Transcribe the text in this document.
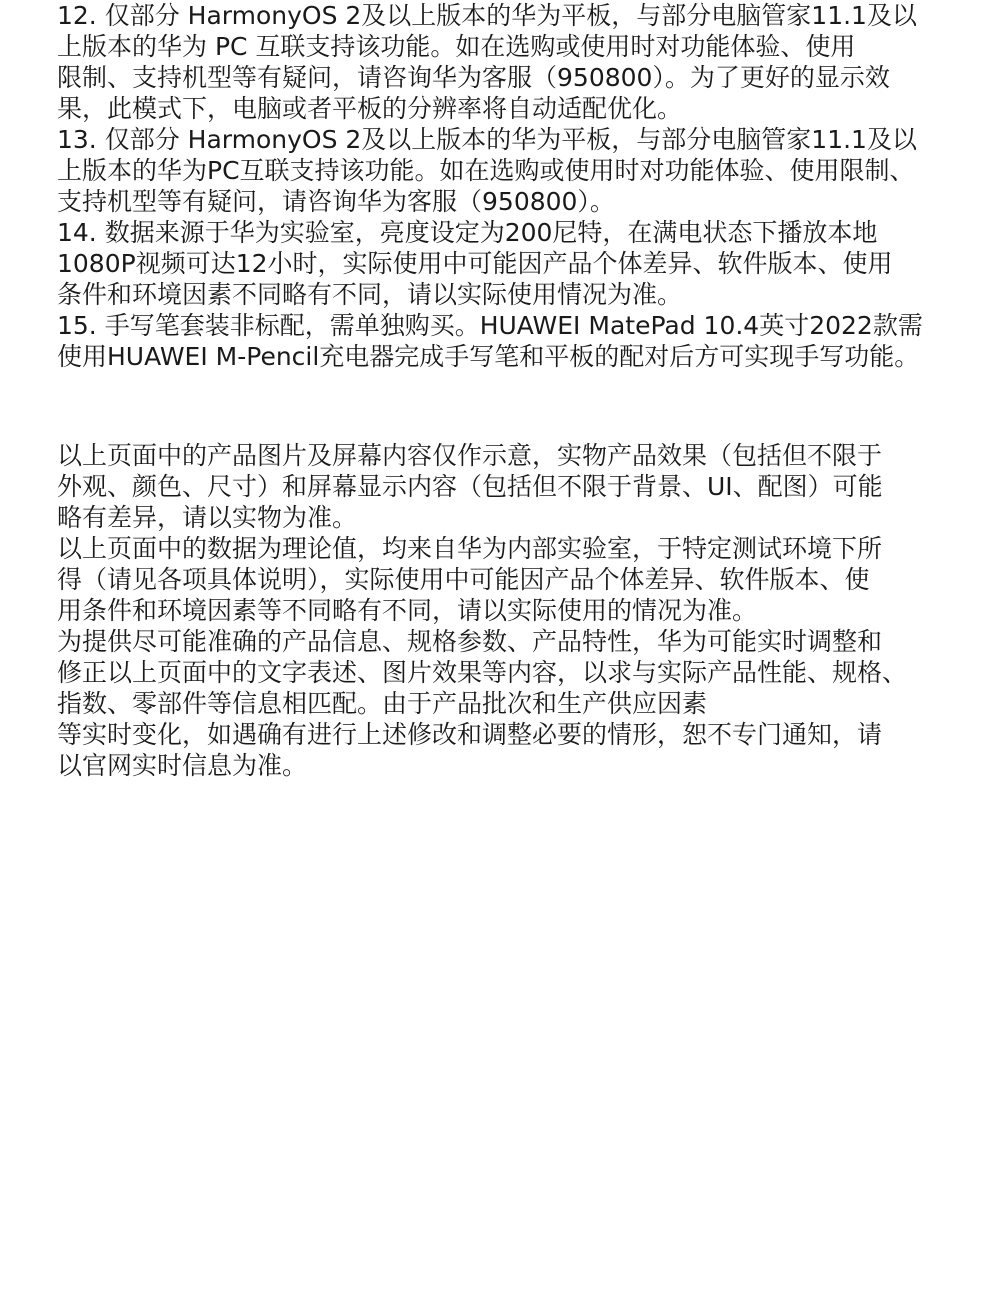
12. 仅部分 HarmonyOS 2及以上版本的华为平板，与部分电脑管家11.1及以
上版本的华为 PC 互联支持该功能。如在选购或使用时对功能体验、使用
限制、支持机型等有疑问，请咨询华为客服（950800）。为了更好的显示效
果，此模式下，电脑或者平板的分辨率将自动适配优化。
13. 仅部分 HarmonyOS 2及以上版本的华为平板，与部分电脑管家11.1及以
上版本的华为PC互联支持该功能。如在选购或使用时对功能体验、使用限制、
支持机型等有疑问，请咨询华为客服（950800）。
14. 数据来源于华为实验室，亮度设定为200尼特，在满电状态下播放本地
1080P视频可达12小时，实际使用中可能因产品个体差异、软件版本、使用
条件和环境因素不同略有不同，请以实际使用情况为准。
15. 手写笔套装非标配，需单独购买。HUAWEI MatePad 10.4英寸2022款需
使用HUAWEI M-Pencil充电器完成手写笔和平板的配对后方可实现手写功能。
以上页面中的产品图片及屏幕内容仅作示意，实物产品效果（包括但不限于
外观、颜色、尺寸）和屏幕显示内容（包括但不限于背景、UI、配图）可能
略有差异，请以实物为准。
以上页面中的数据为理论值，均来自华为内部实验室，于特定测试环境下所
得（请见各项具体说明），实际使用中可能因产品个体差异、软件版本、使
用条件和环境因素等不同略有不同，请以实际使用的情况为准。
为提供尽可能准确的产品信息、规格参数、产品特性，华为可能实时调整和
修正以上页面中的文字表述、图片效果等内容，以求与实际产品性能、规格、
指数、零部件等信息相匹配。由于产品批次和生产供应因素
等实时变化，如遇确有进行上述修改和调整必要的情形，恕不专门通知，请
以官网实时信息为准。
